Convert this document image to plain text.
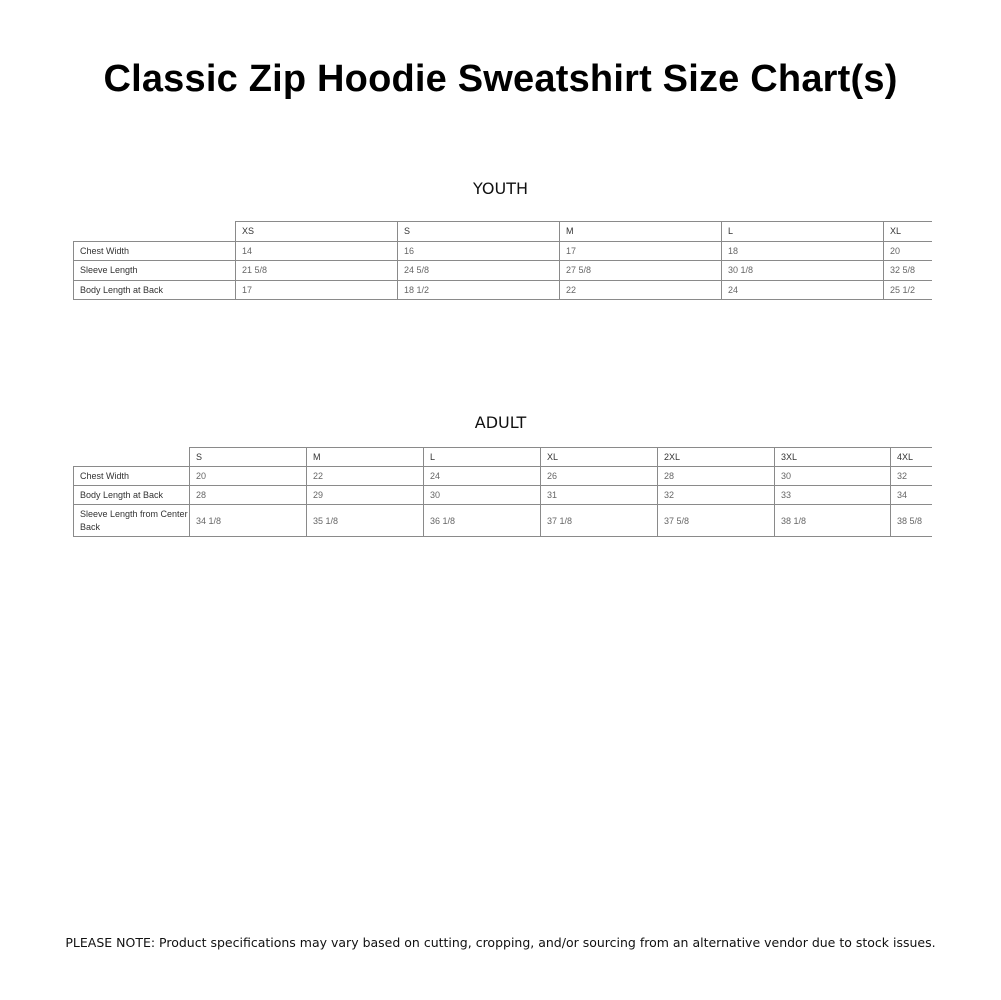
Classic Zip Hoodie Sweatshirt Size Chart(s)
YOUTH
	XS	S	M	L	XL
Chest Width	14	16	17	18	20
Sleeve Length	21 5/8	24 5/8	27 5/8	30 1/8	32 5/8
Body Length at Back	17	18 1/2	22	24	25 1/2
ADULT
	S	M	L	XL	2XL	3XL	4XL
Chest Width	20	22	24	26	28	30	32
Body Length at Back	28	29	30	31	32	33	34
Sleeve Length from Center Back	34 1/8	35 1/8	36 1/8	37 1/8	37 5/8	38 1/8	38 5/8
PLEASE NOTE: Product specifications may vary based on cutting, cropping, and/or sourcing from an alternative vendor due to stock issues.
